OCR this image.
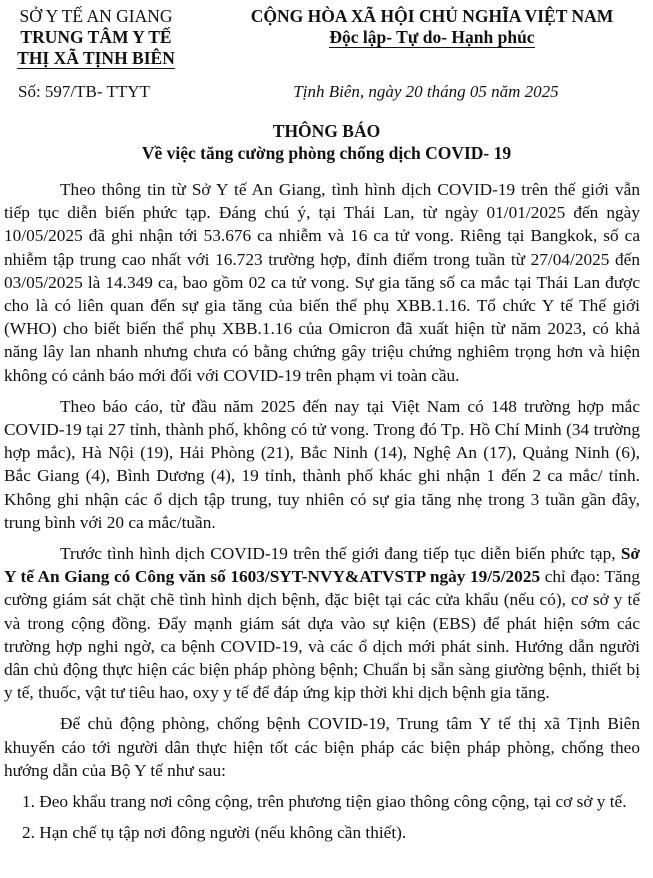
SỞ Y TẾ AN GIANG
TRUNG TÂM Y TẾ
THỊ XÃ TỊNH BIÊN
CỘNG HÒA XÃ HỘI CHỦ NGHĨA VIỆT NAM
Độc lập- Tự do- Hạnh phúc
Số: 597/TB- TTYT	Tịnh Biên, ngày 20 tháng 05 năm 2025
THÔNG BÁO
Về việc tăng cường phòng chống dịch COVID- 19

Theo thông tin từ Sở Y tế An Giang, tình hình dịch COVID-19 trên thế giới vẫn tiếp tục diễn biến phức tạp. Đáng chú ý, tại Thái Lan, từ ngày 01/01/2025 đến ngày 10/05/2025 đã ghi nhận tới 53.676 ca nhiễm và 16 ca tử vong. Riêng tại Bangkok, số ca nhiễm tập trung cao nhất với 16.723 trường hợp, đỉnh điểm trong tuần từ 27/04/2025 đến 03/05/2025 là 14.349 ca, bao gồm 02 ca tử vong. Sự gia tăng số ca mắc tại Thái Lan được cho là có liên quan đến sự gia tăng của biến thể phụ XBB.1.16. Tổ chức Y tế Thế giới (WHO) cho biết biến thể phụ XBB.1.16 của Omicron đã xuất hiện từ năm 2023, có khả năng lây lan nhanh nhưng chưa có bằng chứng gây triệu chứng nghiêm trọng hơn và hiện không có cảnh báo mới đối với COVID-19 trên phạm vi toàn cầu.

Theo báo cáo, từ đầu năm 2025 đến nay tại Việt Nam có 148 trường hợp mắc COVID-19 tại 27 tỉnh, thành phố, không có tử vong. Trong đó Tp. Hồ Chí Minh (34 trường hợp mắc), Hà Nội (19), Hải Phòng (21), Bắc Ninh (14), Nghệ An (17), Quảng Ninh (6), Bắc Giang (4), Bình Dương (4), 19 tỉnh, thành phố khác ghi nhận 1 đến 2 ca mắc/ tỉnh. Không ghi nhận các ổ dịch tập trung, tuy nhiên có sự gia tăng nhẹ trong 3 tuần gần đây, trung bình với 20 ca mắc/tuần.

Trước tình hình dịch COVID-19 trên thế giới đang tiếp tục diễn biến phức tạp, Sở Y tế An Giang có Công văn số 1603/SYT-NVY&ATVSTP ngày 19/5/2025 chỉ đạo: Tăng cường giám sát chặt chẽ tình hình dịch bệnh, đặc biệt tại các cửa khẩu (nếu có), cơ sở y tế và trong cộng đồng. Đẩy mạnh giám sát dựa vào sự kiện (EBS) để phát hiện sớm các trường hợp nghi ngờ, ca bệnh COVID-19, và các ổ dịch mới phát sinh. Hướng dẫn người dân chủ động thực hiện các biện pháp phòng bệnh; Chuẩn bị sẵn sàng giường bệnh, thiết bị y tế, thuốc, vật tư tiêu hao, oxy y tế để đáp ứng kịp thời khi dịch bệnh gia tăng.

Để chủ động phòng, chống bệnh COVID-19, Trung tâm Y tế thị xã Tịnh Biên khuyến cáo tới người dân thực hiện tốt các biện pháp các biện pháp phòng, chống theo hướng dẫn của Bộ Y tế như sau:

1. Đeo khẩu trang nơi công cộng, trên phương tiện giao thông công cộng, tại cơ sở y tế.

2. Hạn chế tụ tập nơi đông người (nếu không cần thiết).
